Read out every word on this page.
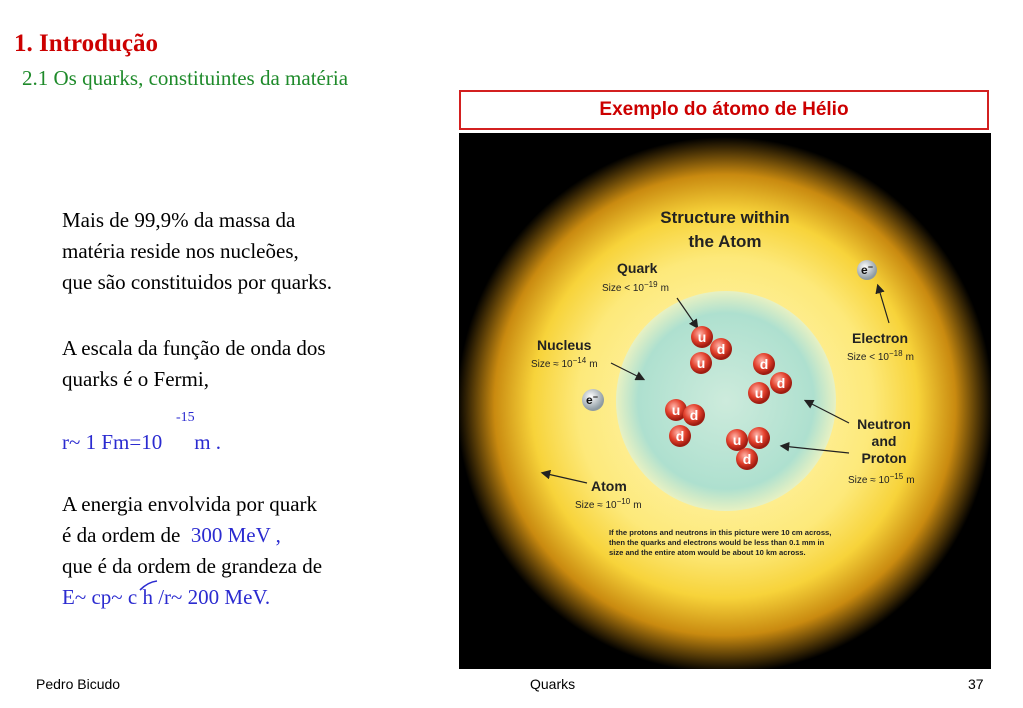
1. Introdução
2.1 Os quarks, constituintes da matéria
Mais de 99,9% da massa da
matéria reside nos nucleões,
que são constituidos por quarks.
A escala da função de onda dos
quarks é o Fermi,
-15
r~ 1 Fm=10 m .
A energia envolvida por quark
é da ordem de 300 MeV ,
que é da ordem de grandeza de
E~ cp~ c h
/r~ 200 MeV.
Exemplo do átomo de Hélio
Structure within
the Atom
Quark
Size < $10^{-19}$ m
e−
Electron
Size < $10^{-18}$ m
Nucleus
Size ≈ $10^{-14}$ m
e−
Neutron
and
Proton
Size ≈ $10^{-15}$ m
Atom
Size ≈ $10^{-10}$ m
If the protons and neutrons in this picture were 10 cm across,
then the quarks and electrons would be less than 0.1 mm in
size and the entire atom would be about 10 km across.
u
d
u	d
d
u
u d
d	u u
d
Pedro Bicudo	Quarks	37
